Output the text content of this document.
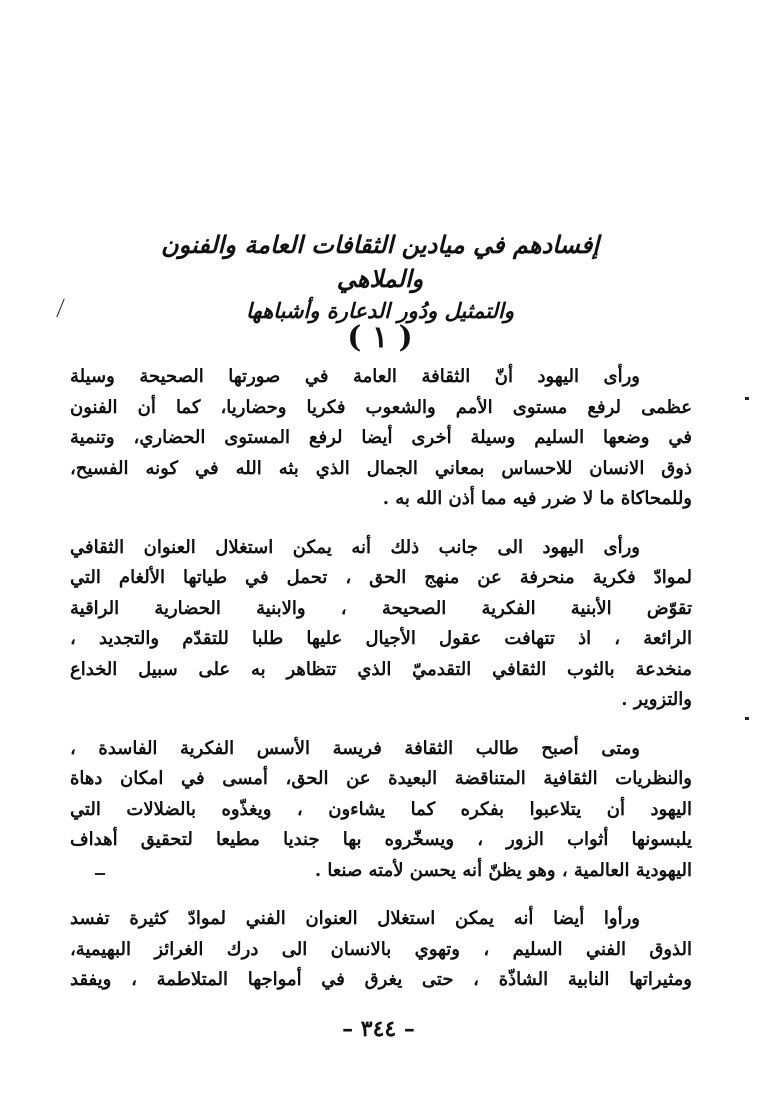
إفسادهم في ميادين الثقافات العامة والفنون والملاهي
والتمثيل ودُور الدعارة وأشباهها
( ١ )
ورأى اليهود أنّ الثقافة العامة في صورتها الصحيحة وسيلة
عظمى لرفع مستوى الأمم والشعوب فكريا وحضاريا، كما أن الفنون
في وضعها السليم وسيلة أخرى أيضا لرفع المستوى الحضاري، وتنمية
ذوق الانسان للاحساس بمعاني الجمال الذي بثه الله في كونه الفسيح،
وللمحاكاة ما لا ضرر فيه مما أذن الله به .
ورأى اليهود الى جانب ذلك أنه يمكن استغلال العنوان الثقافي
لموادّ فكرية منحرفة عن منهج الحق ، تحمل في طياتها الألغام التي
تقوّض الأبنية الفكرية الصحيحة ، والابنية الحضارية الراقية
الرائعة ، اذ تتهافت عقول الأجيال عليها طلبا للتقدّم والتجديد ،
منخدعة بالثوب الثقافي التقدميّ الذي تتظاهر به على سبيل الخداع
والتزوير .
ومتى أصبح طالب الثقافة فريسة الأسس الفكرية الفاسدة ،
والنظريات الثقافية المتناقضة البعيدة عن الحق، أمسى في امكان دهاة
اليهود أن يتلاعبوا بفكره كما يشاءون ، ويغذّوه بالضلالات التي
يلبسونها أثواب الزور ، ويسخّروه بها جنديا مطيعا لتحقيق أهداف
اليهودية العالمية ، وهو يظنّ أنه يحسن لأمته صنعا .
ورأوا أيضا أنه يمكن استغلال العنوان الفني لموادّ كثيرة تفسد
الذوق الفني السليم ، وتهوي بالانسان الى درك الغرائز البهيمية،
ومثيراتها النابية الشاذّة ، حتى يغرق في أمواجها المتلاطمة ، ويفقد
– ٣٤٤ –
